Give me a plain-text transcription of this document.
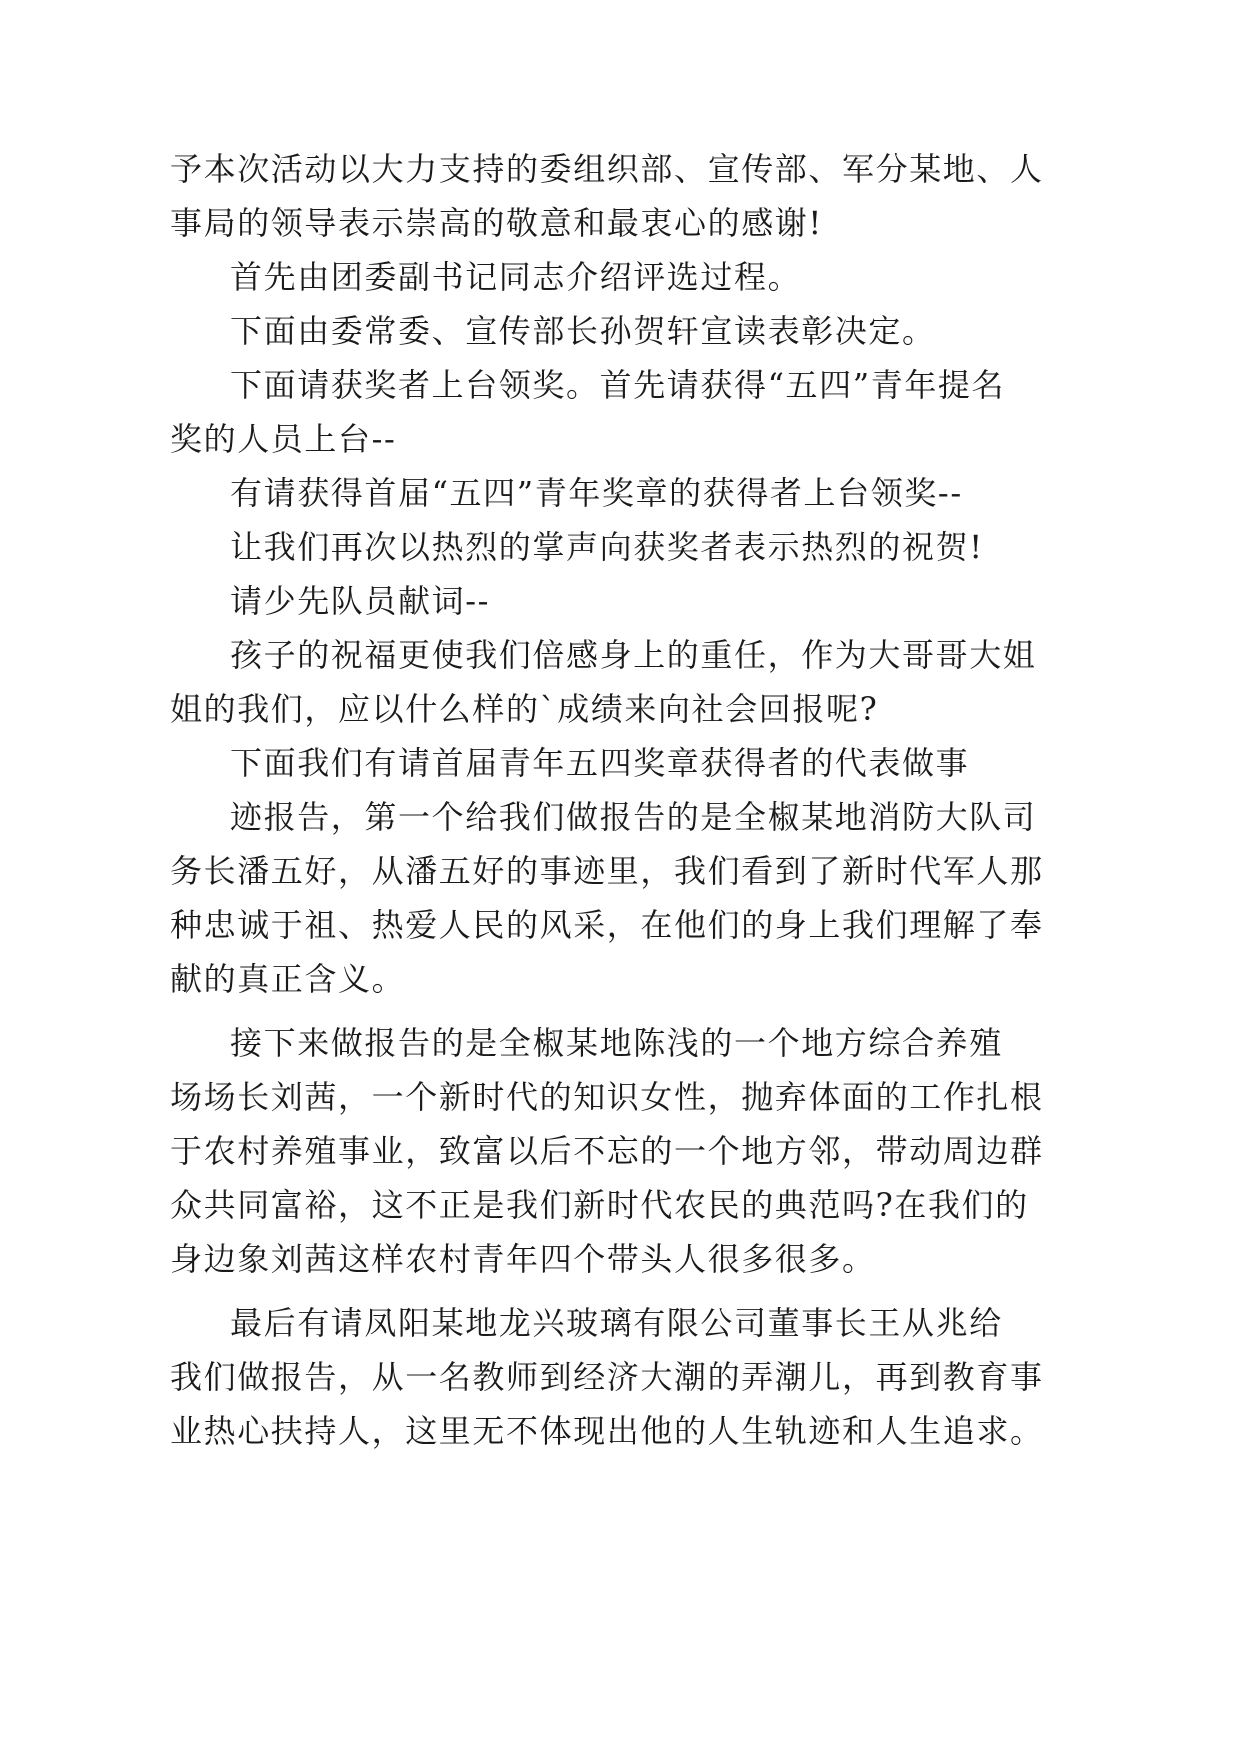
予本次活动以大力支持的委组织部、宣传部、军分某地、人
事局的领导表示崇高的敬意和最衷心的感谢!
首先由团委副书记同志介绍评选过程。
下面由委常委、宣传部长孙贺轩宣读表彰决定。
下面请获奖者上台领奖。首先请获得“五四”青年提名
奖的人员上台--
有请获得首届“五四”青年奖章的获得者上台领奖--
让我们再次以热烈的掌声向获奖者表示热烈的祝贺!
请少先队员献词--
孩子的祝福更使我们倍感身上的重任，作为大哥哥大姐
姐的我们，应以什么样的`成绩来向社会回报呢?
下面我们有请首届青年五四奖章获得者的代表做事
迹报告，第一个给我们做报告的是全椒某地消防大队司
务长潘五好，从潘五好的事迹里，我们看到了新时代军人那
种忠诚于祖、热爱人民的风采，在他们的身上我们理解了奉
献的真正含义。
接下来做报告的是全椒某地陈浅的一个地方综合养殖
场场长刘茜，一个新时代的知识女性，抛弃体面的工作扎根
于农村养殖事业，致富以后不忘的一个地方邻，带动周边群
众共同富裕，这不正是我们新时代农民的典范吗?在我们的
身边象刘茜这样农村青年四个带头人很多很多。
最后有请凤阳某地龙兴玻璃有限公司董事长王从兆给
我们做报告，从一名教师到经济大潮的弄潮儿，再到教育事
业热心扶持人，这里无不体现出他的人生轨迹和人生追求。
